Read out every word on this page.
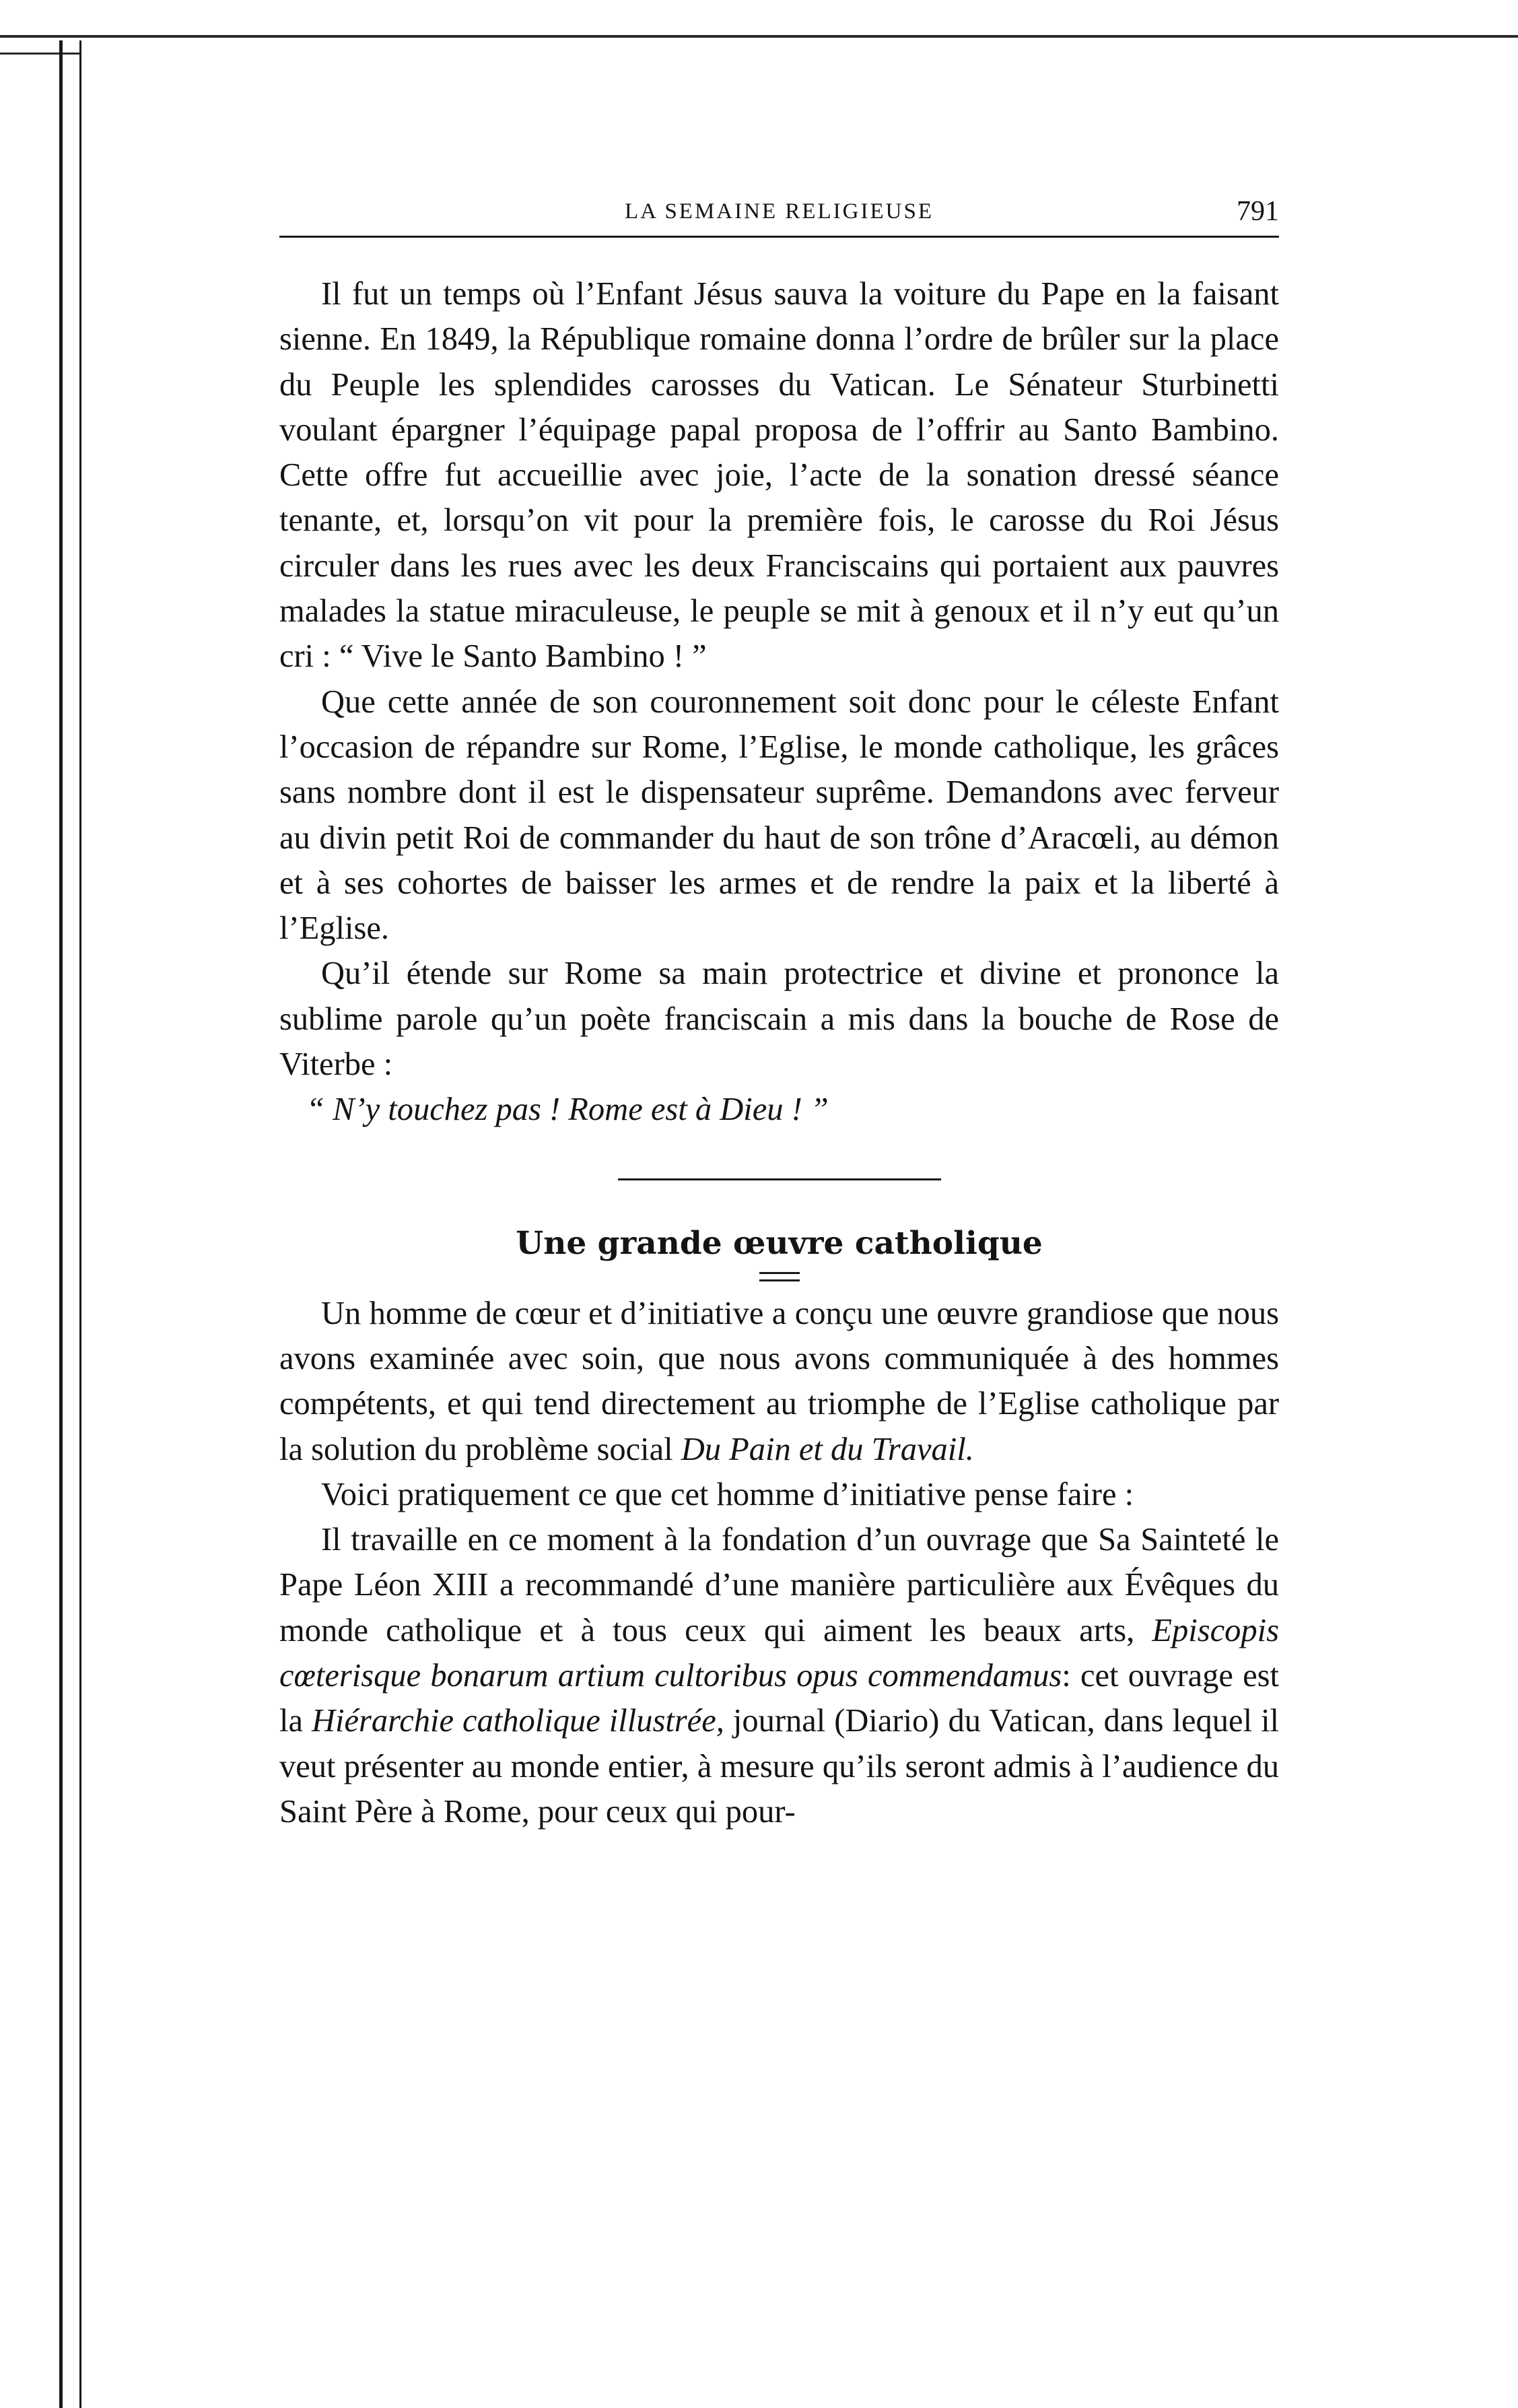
LA SEMAINE RELIGIEUSE	791

Il fut un temps où l’Enfant Jésus sauva la voiture du Pape en la faisant sienne. En 1849, la République romaine donna l’ordre de brûler sur la place du Peuple les splendides carosses du Vatican. Le Sénateur Sturbinetti voulant épargner l’équipage papal proposa de l’offrir au Santo Bambino. Cette offre fut accueillie avec joie, l’acte de la sonation dressé séance tenante, et, lorsqu’on vit pour la première fois, le carosse du Roi Jésus circuler dans les rues avec les deux Franciscains qui portaient aux pauvres malades la statue miraculeuse, le peuple se mit à genoux et il n’y eut qu’un cri : “ Vive le Santo Bambino ! ”

Que cette année de son couronnement soit donc pour le céleste Enfant l’occasion de répandre sur Rome, l’Eglise, le monde catholique, les grâces sans nombre dont il est le dispensateur suprême. Demandons avec ferveur au divin petit Roi de commander du haut de son trône d’Aracœli, au démon et à ses cohortes de baisser les armes et de rendre la paix et la liberté à l’Eglise.

Qu’il étende sur Rome sa main protectrice et divine et prononce la sublime parole qu’un poète franciscain a mis dans la bouche de Rose de Viterbe :

“ N’y touchez pas ! Rome est à Dieu ! ”

Une grande œuvre catholique

Un homme de cœur et d’initiative a conçu une œuvre grandiose que nous avons examinée avec soin, que nous avons communiquée à des hommes compétents, et qui tend directement au triomphe de l’Eglise catholique par la solution du problème social Du Pain et du Travail.

Voici pratiquement ce que cet homme d’initiative pense faire :

Il travaille en ce moment à la fondation d’un ouvrage que Sa Sainteté le Pape Léon XIII a recommandé d’une manière particulière aux Évêques du monde catholique et à tous ceux qui aiment les beaux arts, Episcopis cœterisque bonarum artium cultoribus opus commendamus: cet ouvrage est la Hiérarchie catholique illustrée, journal (Diario) du Vatican, dans lequel il veut présenter au monde entier, à mesure qu’ils seront admis à l’audience du Saint Père à Rome, pour ceux qui pour-
